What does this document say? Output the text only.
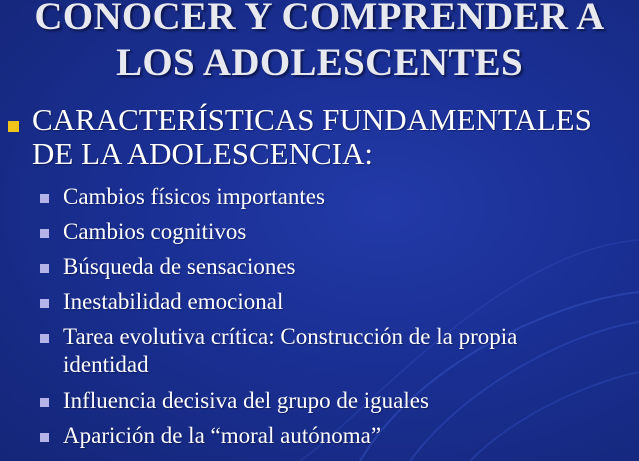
CONOCER Y COMPRENDER A
LOS ADOLESCENTES
CARACTERÍSTICAS FUNDAMENTALES
DE LA ADOLESCENCIA:
Cambios físicos importantes
Cambios cognitivos
Búsqueda de sensaciones
Inestabilidad emocional
Tarea evolutiva crítica: Construcción de la propia
identidad
Influencia decisiva del grupo de iguales
Aparición de la “moral autónoma”
